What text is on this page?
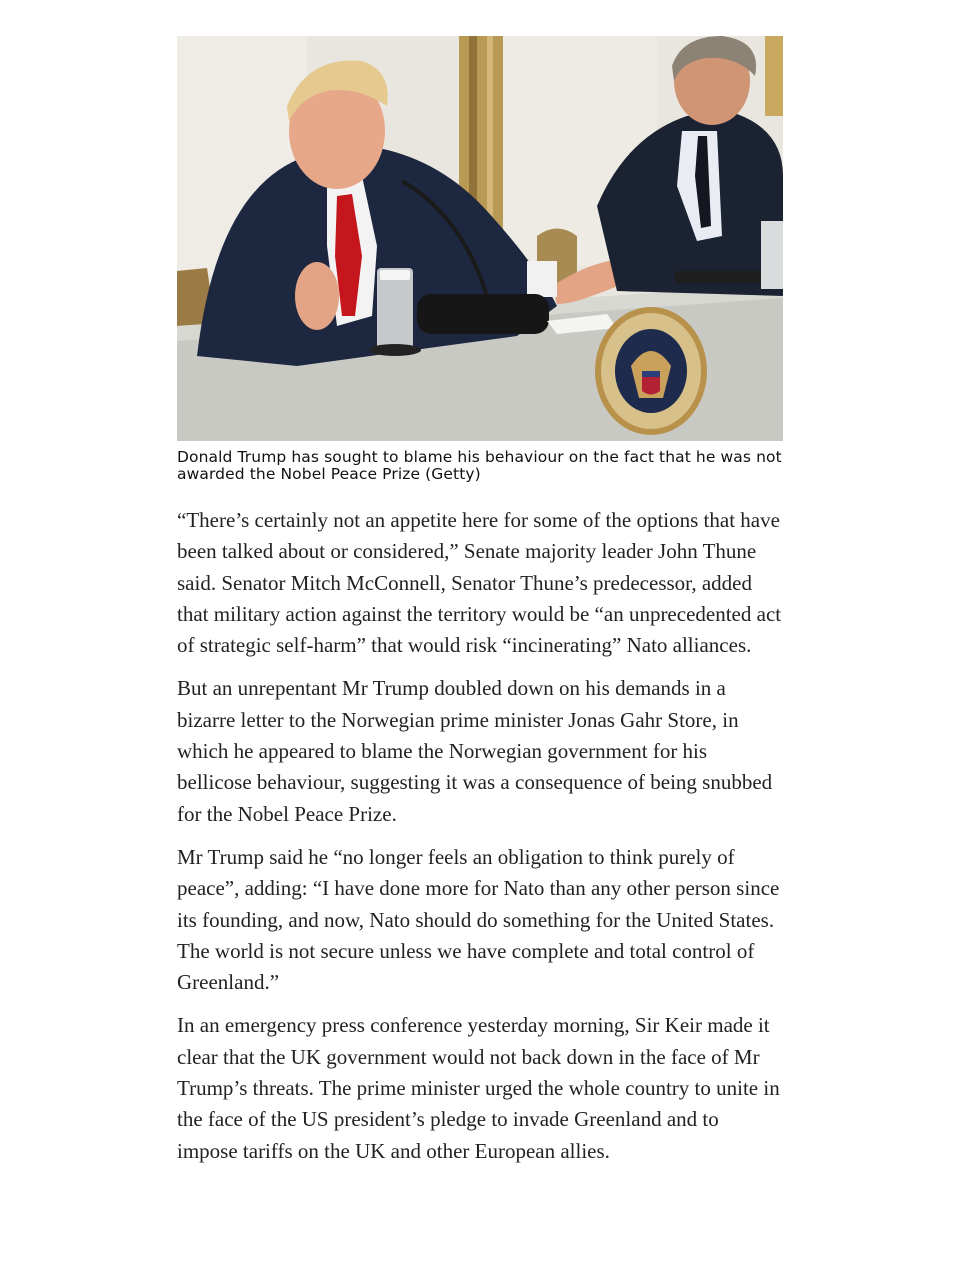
Donald Trump has sought to blame his behaviour on the fact that he was not awarded the Nobel Peace Prize (Getty)

“There’s certainly not an appetite here for some of the options that have been talked about or considered,” Senate majority leader John Thune said. Senator Mitch McConnell, Senator Thune’s predecessor, added that military action against the territory would be “an unprecedented act of strategic self-harm” that would risk “incinerating” Nato alliances.

But an unrepentant Mr Trump doubled down on his demands in a bizarre letter to the Norwegian prime minister Jonas Gahr Store, in which he appeared to blame the Norwegian government for his bellicose behaviour, suggesting it was a consequence of being snubbed for the Nobel Peace Prize.

Mr Trump said he “no longer feels an obligation to think purely of peace”, adding: “I have done more for Nato than any other person since its founding, and now, Nato should do something for the United States. The world is not secure unless we have complete and total control of Greenland.”

In an emergency press conference yesterday morning, Sir Keir made it clear that the UK government would not back down in the face of Mr Trump’s threats. The prime minister urged the whole country to unite in the face of the US president’s pledge to invade Greenland and to impose tariffs on the UK and other European allies.
